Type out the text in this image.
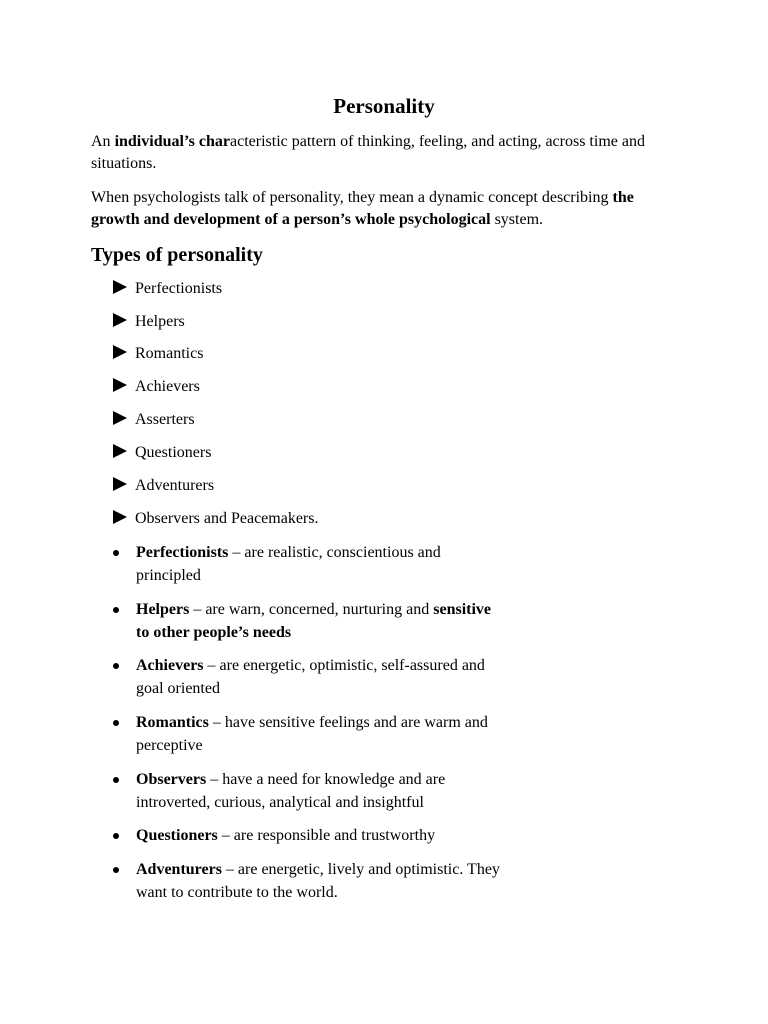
Personality
An individual’s characteristic pattern of thinking, feeling, and acting, across time and situations.
When psychologists talk of personality, they mean a dynamic concept describing the growth and development of a person’s whole psychological system.
Types of personality
Perfectionists
Helpers
Romantics
Achievers
Asserters
Questioners
Adventurers
Observers and Peacemakers.
Perfectionists – are realistic, conscientious and principled
Helpers – are warn, concerned, nurturing and sensitive to other people’s needs
Achievers – are energetic, optimistic, self-assured and goal oriented
Romantics – have sensitive feelings and are warm and perceptive
Observers – have a need for knowledge and are introverted, curious, analytical and insightful
Questioners – are responsible and trustworthy
Adventurers – are energetic, lively and optimistic. They want to contribute to the world.
